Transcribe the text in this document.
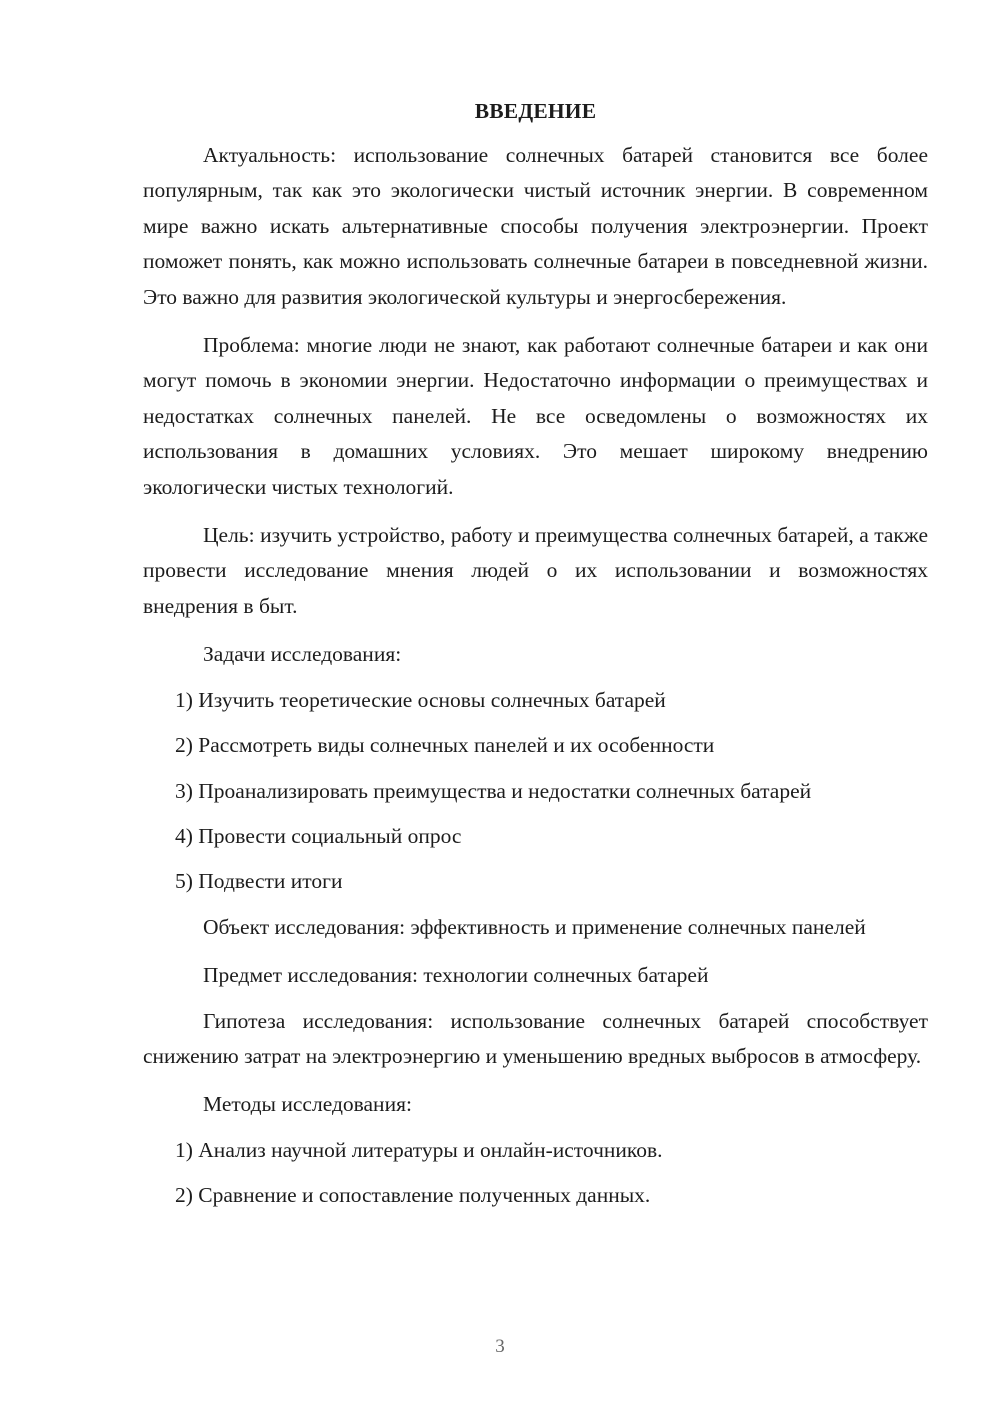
ВВЕДЕНИЕ

Актуальность: использование солнечных батарей становится все более популярным, так как это экологически чистый источник энергии. В современном мире важно искать альтернативные способы получения электроэнергии. Проект поможет понять, как можно использовать солнечные батареи в повседневной жизни. Это важно для развития экологической культуры и энергосбережения.

Проблема: многие люди не знают, как работают солнечные батареи и как они могут помочь в экономии энергии. Недостаточно информации о преимуществах и недостатках солнечных панелей. Не все осведомлены о возможностях их использования в домашних условиях. Это мешает широкому внедрению экологически чистых технологий.

Цель: изучить устройство, работу и преимущества солнечных батарей, а также провести исследование мнения людей о их использовании и возможностях внедрения в быт.

Задачи исследования:

1) Изучить теоретические основы солнечных батарей
2) Рассмотреть виды солнечных панелей и их особенности
3) Проанализировать преимущества и недостатки солнечных батарей
4) Провести социальный опрос
5) Подвести итоги

Объект исследования: эффективность и применение солнечных панелей

Предмет исследования: технологии солнечных батарей

Гипотеза исследования: использование солнечных батарей способствует снижению затрат на электроэнергию и уменьшению вредных выбросов в атмосферу.

Методы исследования:

1) Анализ научной литературы и онлайн-источников.
2) Сравнение и сопоставление полученных данных.
3
